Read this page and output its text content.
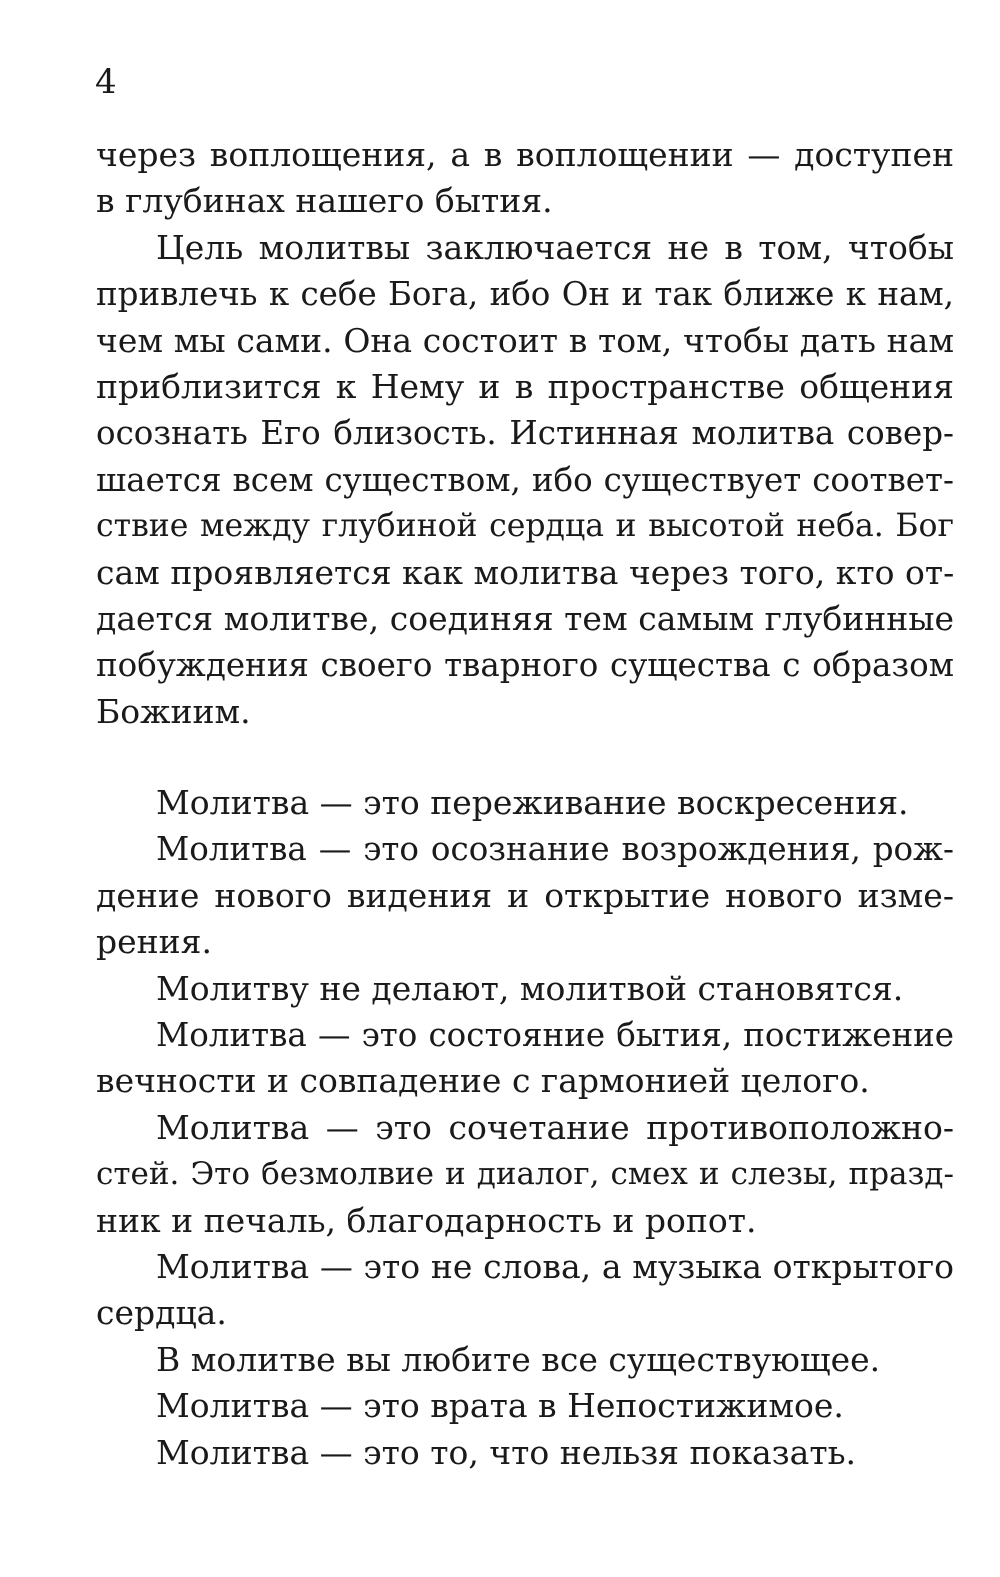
4
через воплощения, а в воплощении — доступен
в глубинах нашего бытия.
Цель молитвы заключается не в том, чтобы
привлечь к себе Бога, ибо Он и так ближе к нам,
чем мы сами. Она состоит в том, чтобы дать нам
приблизится к Нему и в пространстве общения
осознать Его близость. Истинная молитва совер-
шается всем существом, ибо существует соответ-
ствие между глубиной сердца и высотой неба. Бог
сам проявляется как молитва через того, кто от-
дается молитве, соединяя тем самым глубинные
побуждения своего тварного существа с образом
Божиим.
Молитва — это переживание воскресения.
Молитва — это осознание возрождения, рож-
дение нового видения и открытие нового изме-
рения.
Молитву не делают, молитвой становятся.
Молитва — это состояние бытия, постижение
вечности и совпадение с гармонией целого.
Молитва — это сочетание противоположно-
стей. Это безмолвие и диалог, смех и слезы, празд-
ник и печаль, благодарность и ропот.
Молитва — это не слова, а музыка открытого
сердца.
В молитве вы любите все существующее.
Молитва — это врата в Непостижимое.
Молитва — это то, что нельзя показать.
